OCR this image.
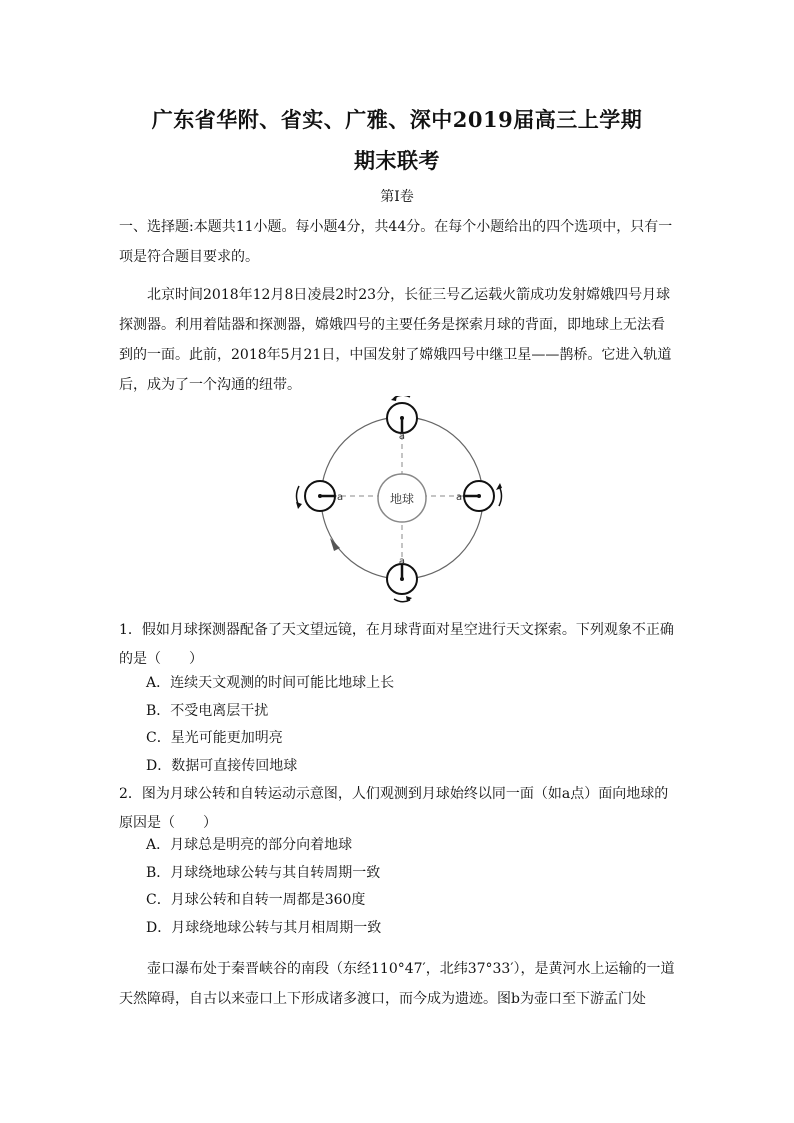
广东省华附、省实、广雅、深中2019届高三上学期
期末联考
第Ⅰ卷
一、选择题:本题共11小题。每小题4分，共44分。在每个小题给出的四个选项中，只有一项是符合题目要求的。
北京时间2018年12月8日凌晨2时23分，长征三号乙运载火箭成功发射嫦娥四号月球探测器。利用着陆器和探测器，嫦娥四号的主要任务是探索月球的背面，即地球上无法看到的一面。此前，2018年5月21日，中国发射了嫦娥四号中继卫星——鹊桥。它进入轨道后，成为了一个沟通的纽带。
地球
a
a	a
a
1．假如月球探测器配备了天文望远镜，在月球背面对星空进行天文探索。下列观象不正确的是（　　）
A．连续天文观测的时间可能比地球上长
B．不受电离层干扰
C．星光可能更加明亮
D．数据可直接传回地球
2．图为月球公转和自转运动示意图，人们观测到月球始终以同一面（如a点）面向地球的原因是（　　）
A．月球总是明亮的部分向着地球
B．月球绕地球公转与其自转周期一致
C．月球公转和自转一周都是360度
D．月球绕地球公转与其月相周期一致
壶口瀑布处于秦晋峡谷的南段（东经110°47′，北纬37°33′），是黄河水上运输的一道天然障碍，自古以来壶口上下形成诸多渡口，而今成为遗迹。图b为壶口至下游孟门处
